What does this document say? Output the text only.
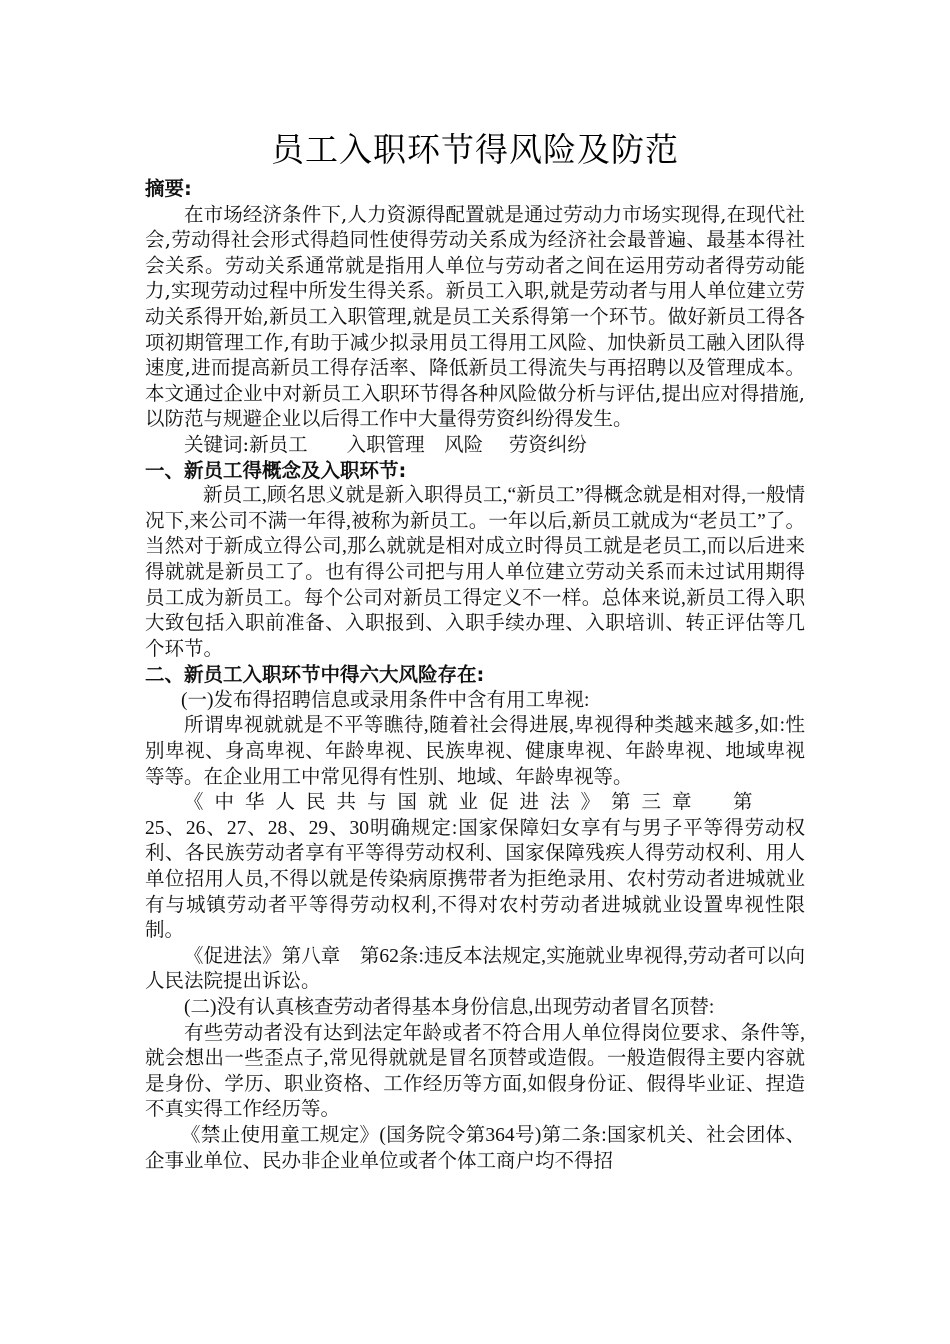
员工入职环节得风险及防范

摘要:

在市场经济条件下,人力资源得配置就是通过劳动力市场实现得,在现代社会,劳动得社会形式得趋同性使得劳动关系成为经济社会最普遍、最基本得社会关系。劳动关系通常就是指用人单位与劳动者之间在运用劳动者得劳动能力,实现劳动过程中所发生得关系。新员工入职,就是劳动者与用人单位建立劳动关系得开始,新员工入职管理,就是员工关系得第一个环节。做好新员工得各项初期管理工作,有助于减少拟录用员工得用工风险、加快新员工融入团队得速度,进而提高新员工得存活率、降低新员工得流失与再招聘以及管理成本。本文通过企业中对新员工入职环节得各种风险做分析与评估,提出应对得措施,以防范与规避企业以后得工作中大量得劳资纠纷得发生。

关键词:新员工　　入职管理　风险　 劳资纠纷

一、新员工得概念及入职环节:

新员工,顾名思义就是新入职得员工,“新员工”得概念就是相对得,一般情况下,来公司不满一年得,被称为新员工。一年以后,新员工就成为“老员工”了。当然对于新成立得公司,那么就就是相对成立时得员工就是老员工,而以后进来得就就是新员工了。也有得公司把与用人单位建立劳动关系而未过试用期得员工成为新员工。每个公司对新员工得定义不一样。总体来说,新员工得入职大致包括入职前准备、入职报到、入职手续办理、入职培训、转正评估等几个环节。

二、新员工入职环节中得六大风险存在:

(一)发布得招聘信息或录用条件中含有用工卑视:

所谓卑视就就是不平等瞧待,随着社会得进展,卑视得种类越来越多,如:性别卑视、身高卑视、年龄卑视、民族卑视、健康卑视、年龄卑视、地域卑视等等。在企业用工中常见得有性别、地域、年龄卑视等。

《中华人民共与国就业促进法》第三章　第

25、26、27、28、29、30明确规定:国家保障妇女享有与男子平等得劳动权利、各民族劳动者享有平等得劳动权利、国家保障残疾人得劳动权利、用人单位招用人员,不得以就是传染病原携带者为拒绝录用、农村劳动者进城就业有与城镇劳动者平等得劳动权利,不得对农村劳动者进城就业设置卑视性限制。

《促进法》第八章　第62条:违反本法规定,实施就业卑视得,劳动者可以向人民法院提出诉讼。

(二)没有认真核查劳动者得基本身份信息,出现劳动者冒名顶替:

有些劳动者没有达到法定年龄或者不符合用人单位得岗位要求、条件等,就会想出一些歪点子,常见得就就是冒名顶替或造假。一般造假得主要内容就是身份、学历、职业资格、工作经历等方面,如假身份证、假得毕业证、捏造不真实得工作经历等。

《禁止使用童工规定》(国务院令第364号)第二条:国家机关、社会团体、企事业单位、民办非企业单位或者个体工商户均不得招
